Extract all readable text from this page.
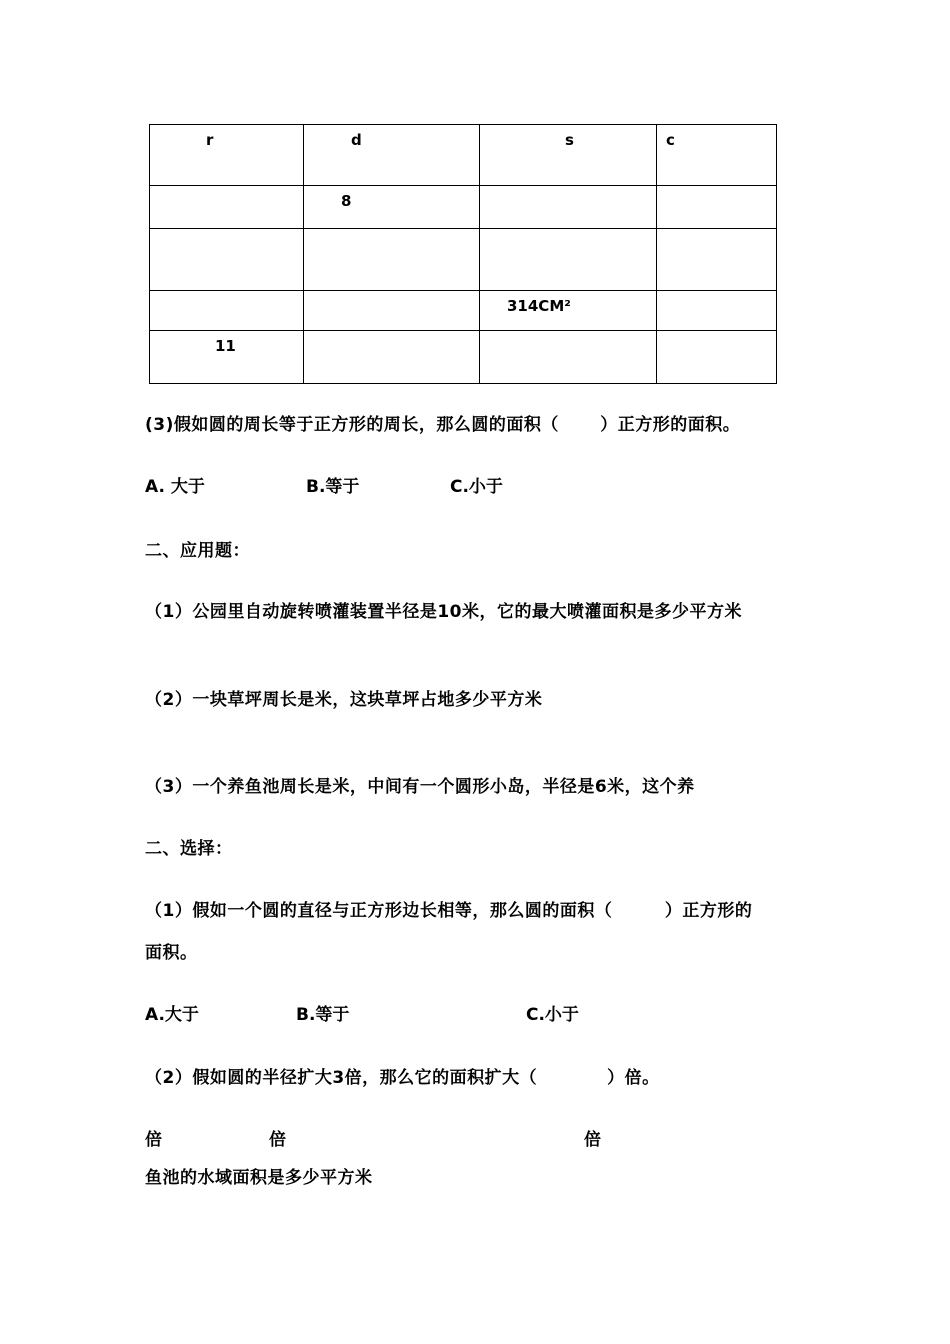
r	d	s	c

	8		

		314CM²	

11			

(3)假如圆的周长等于正方形的周长，那么圆的面积（　　 ）正方形的面积。
A. 大于	B.等于	C.小于
二、应用题：
（1）公园里自动旋转喷灌装置半径是10米，它的最大喷灌面积是多少平方米
（2）一块草坪周长是米，这块草坪占地多少平方米
（3）一个养鱼池周长是米，中间有一个圆形小岛，半径是6米，这个养
二、选择：
（1）假如一个圆的直径与正方形边长相等，那么圆的面积（　　　）正方形的
面积。
A.大于	B.等于	C.小于
（2）假如圆的半径扩大3倍，那么它的面积扩大（　　　　）倍。
倍	倍	倍
鱼池的水域面积是多少平方米
